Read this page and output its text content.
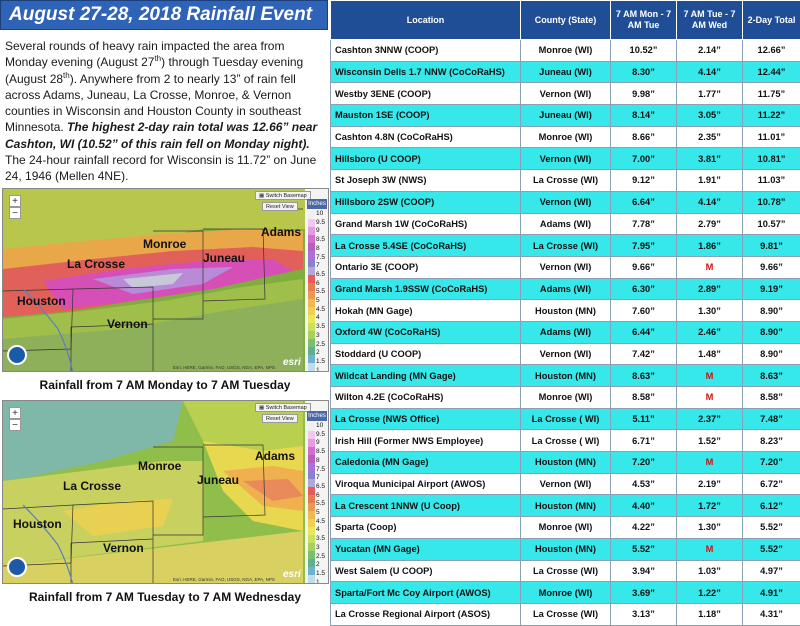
August 27-28, 2018 Rainfall Event
Several rounds of heavy rain impacted the area from Monday evening (August 27th) through Tuesday evening (August 28th). Anywhere from 2 to nearly 13” of rain fell across Adams, Juneau, La Crosse, Monroe, & Vernon counties in Wisconsin and Houston County in southeast Minnesota. The highest 2-day rain total was 12.66” near Cashton, WI (10.52” of this rain fell on Monday night). The 24-hour rainfall record for Wisconsin is 11.72” on June 24, 1946 (Mellen 4NE).
+
−
▦ Switch Basemap
Reset View	Inches
10
9.5
9
8.5
8
7.5
7
6.5
6
5.5
5
4.5
4
3.5
3
2.5
2
1.5
1
Adams
Monroe
Juneau
La Crosse
Houston
Vernon
esri
Esri, HERE, Garmin, FAO, USGS, NGA, EPA, NPS
Rainfall from 7 AM Monday to 7 AM Tuesday
+
−
▦ Switch Basemap
Reset View	Inches
10
9.5
9
8.5
8
7.5
7
6.5
6
5.5
5
4.5
4
3.5
3
2.5
2
1.5
1
Adams
Monroe
Juneau
La Crosse
Houston
Vernon
esri
Esri, HERE, Garmin, FAO, USGS, NGA, EPA, NPS
Rainfall from 7 AM Tuesday to 7 AM Wednesday
Location	County (State)	7 AM Mon - 7 AM Tue	7 AM Tue - 7 AM Wed	2-Day Total
Cashton 3NNW (COOP)	Monroe (WI)	10.52”	2.14”	12.66”
Wisconsin Dells 1.7 NNW (CoCoRaHS)	Juneau (WI)	8.30”	4.14”	12.44”
Westby 3ENE (COOP)	Vernon (WI)	9.98”	1.77”	11.75”
Mauston 1SE (COOP)	Juneau (WI)	8.14”	3.05”	11.22”
Cashton 4.8N (CoCoRaHS)	Monroe (WI)	8.66”	2.35”	11.01”
Hillsboro (U COOP)	Vernon (WI)	7.00”	3.81”	10.81”
St Joseph 3W (NWS)	La Crosse (WI)	9.12”	1.91”	11.03”
Hillsboro 2SW (COOP)	Vernon (WI)	6.64”	4.14”	10.78”
Grand Marsh 1W (CoCoRaHS)	Adams (WI)	7.78”	2.79”	10.57”
La Crosse 5.4SE (CoCoRaHS)	La Crosse (WI)	7.95”	1.86”	9.81”
Ontario 3E (COOP)	Vernon (WI)	9.66”	M	9.66”
Grand Marsh 1.9SSW (CoCoRaHS)	Adams (WI)	6.30”	2.89”	9.19”
Hokah (MN Gage)	Houston (MN)	7.60”	1.30”	8.90”
Oxford 4W (CoCoRaHS)	Adams (WI)	6.44”	2.46”	8.90”
Stoddard (U COOP)	Vernon (WI)	7.42”	1.48”	8.90”
Wildcat Landing (MN Gage)	Houston (MN)	8.63”	M	8.63”
Wilton 4.2E (CoCoRaHS)	Monroe (WI)	8.58”	M	8.58”
La Crosse (NWS Office)	La Crosse ( WI)	5.11”	2.37”	7.48”
Irish Hill (Former NWS Employee)	La Crosse ( WI)	6.71”	1.52”	8.23”
Caledonia (MN Gage)	Houston (MN)	7.20”	M	7.20”
Viroqua Municipal Airport (AWOS)	Vernon (WI)	4.53”	2.19”	6.72”
La Crescent 1NNW (U Coop)	Houston (MN)	4.40”	1.72”	6.12”
Sparta (Coop)	Monroe (WI)	4.22”	1.30”	5.52”
Yucatan (MN Gage)	Houston (MN)	5.52”	M	5.52”
West Salem (U COOP)	La Crosse (WI)	3.94”	1.03”	4.97”
Sparta/Fort Mc Coy Airport (AWOS)	Monroe (WI)	3.69”	1.22”	4.91”
La Crosse Regional Airport (ASOS)	La Crosse (WI)	3.13”	1.18”	4.31”
